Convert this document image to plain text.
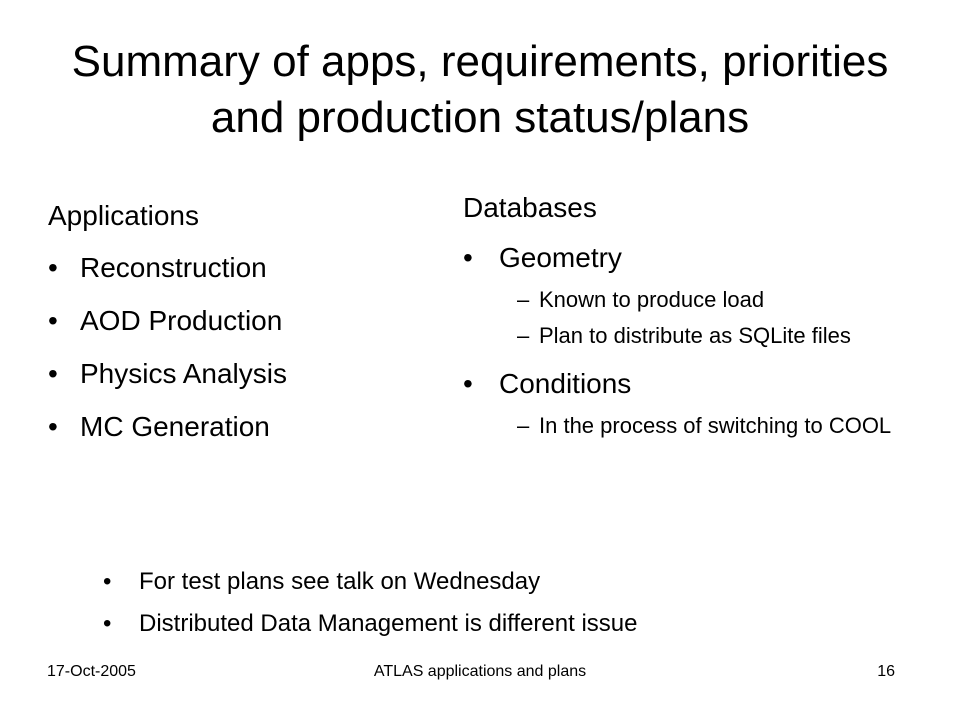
Summary of apps, requirements, priorities and production status/plans
Applications
• Reconstruction
• AOD Production
• Physics Analysis
• MC Generation
Databases
• Geometry
– Known to produce load
– Plan to distribute as SQLite files
• Conditions
– In the process of switching to COOL
• For test plans see talk on Wednesday
• Distributed Data Management is different issue
17-Oct-2005	ATLAS applications and plans	16
